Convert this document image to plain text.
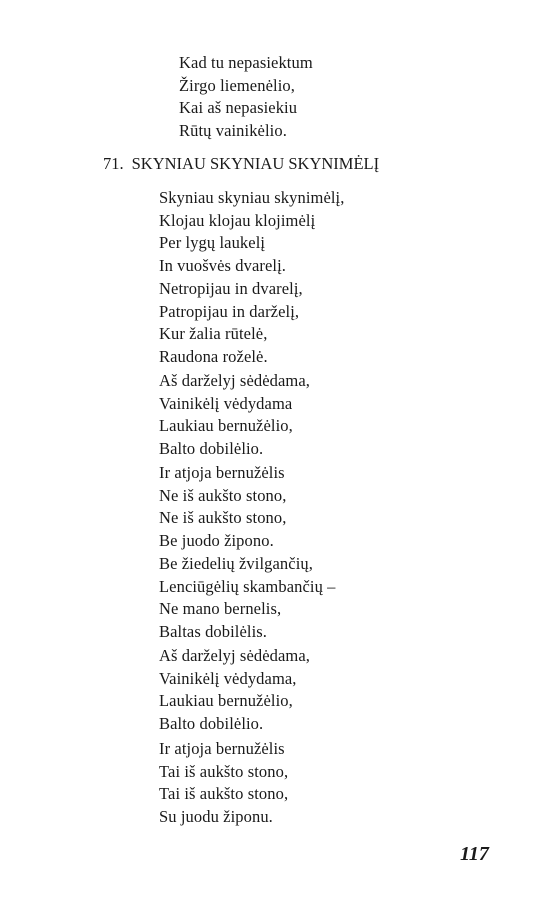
Kad tu nepasiektum
Žirgo liemenėlio,
Kai aš nepasiekiu
Rūtų vainikėlio.
71. SKYNIAU SKYNIAU SKYNIMĖLĮ
Skyniau skyniau skynimėlį,
Klojau klojau klojimėlį
Per lygų laukelį
In vuošvės dvarelį.
Netropijau in dvarelį,
Patropijau in darželį,
Kur žalia rūtelė,
Raudona roželė.
Aš darželyj sėdėdama,
Vainikėlį vėdydama
Laukiau bernužėlio,
Balto dobilėlio.
Ir atjoja bernužėlis
Ne iš aukšto stono,
Ne iš aukšto stono,
Be juodo žipono.
Be žiedelių žvilgančių,
Lenciūgėlių skambančių –
Ne mano bernelis,
Baltas dobilėlis.
Aš darželyj sėdėdama,
Vainikėlį vėdydama,
Laukiau bernužėlio,
Balto dobilėlio.
Ir atjoja bernužėlis
Tai iš aukšto stono,
Tai iš aukšto stono,
Su juodu žiponu.
117
